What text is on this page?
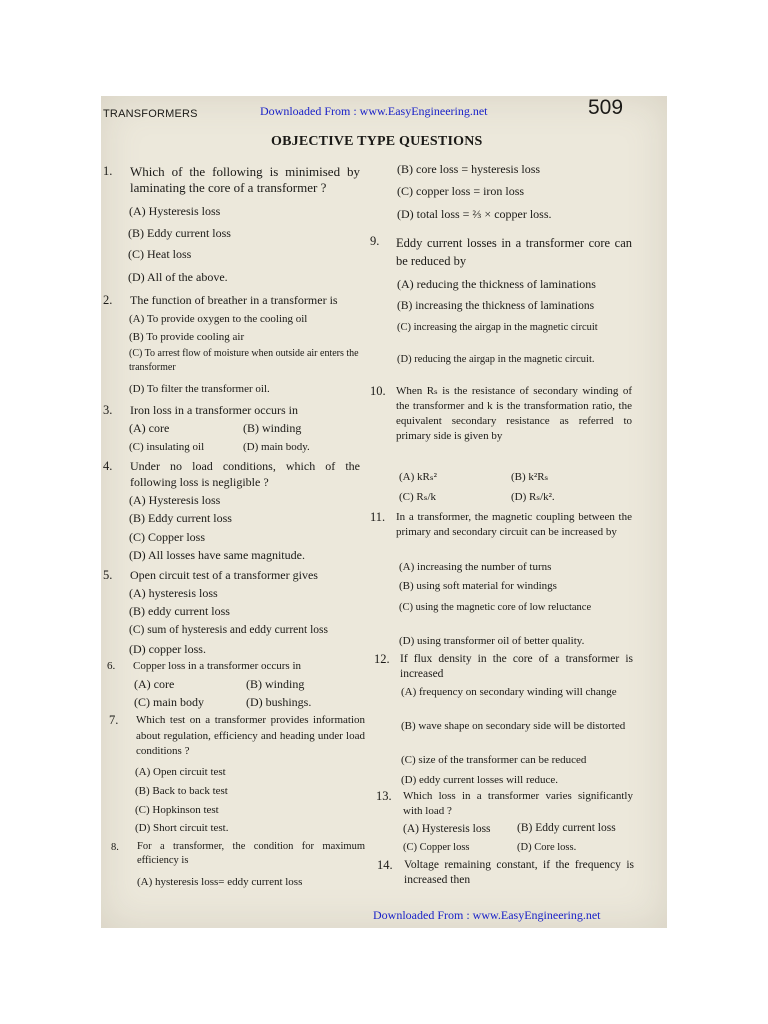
TRANSFORMERS	Downloaded From : www.EasyEngineering.net	509
OBJECTIVE TYPE QUESTIONS
1. Which of the following is minimised by laminating the core of a transformer ?
(A) Hysteresis loss
(B) Eddy current loss
(C) Heat loss
(D) All of the above.
2. The function of breather in a transformer is
(A) To provide oxygen to the cooling oil
(B) To provide cooling air
(C) To arrest flow of moisture when outside air enters the transformer
(D) To filter the transformer oil.
3. Iron loss in a transformer occurs in
(A) core	(B) winding
(C) insulating oil	(D) main body.
4. Under no load conditions, which of the following loss is negligible ?
(A) Hysteresis loss
(B) Eddy current loss
(C) Copper loss
(D) All losses have same magnitude.
5. Open circuit test of a transformer gives
(A) hysteresis loss
(B) eddy current loss
(C) sum of hysteresis and eddy current loss
(D) copper loss.
6. Copper loss in a transformer occurs in
(A) core	(B) winding
(C) main body	(D) bushings.
7. Which test on a transformer provides information about regulation, efficiency and heading under load conditions ?
(A) Open circuit test
(B) Back to back test
(C) Hopkinson test
(D) Short circuit test.
8. For a transformer, the condition for maximum efficiency is
(A) hysteresis loss= eddy current loss
(B) core loss = hysteresis loss
(C) copper loss = iron loss
(D) total loss = ⅔ × copper loss.
9. Eddy current losses in a transformer core can be reduced by
(A) reducing the thickness of laminations
(B) increasing the thickness of laminations
(C) increasing the airgap in the magnetic circuit
(D) reducing the airgap in the magnetic circuit.
10. When Rₛ is the resistance of secondary winding of the transformer and k is the transformation ratio, the equivalent secondary resistance as referred to primary side is given by
(A) kRₛ²	(B) k²Rₛ
(C) Rₛ/k	(D) Rₛ/k².
11. In a transformer, the magnetic coupling between the primary and secondary circuit can be increased by
(A) increasing the number of turns
(B) using soft material for windings
(C) using the magnetic core of low reluctance
(D) using transformer oil of better quality.
12. If flux density in the core of a transformer is increased
(A) frequency on secondary winding will change
(B) wave shape on secondary side will be distorted
(C) size of the transformer can be reduced
(D) eddy current losses will reduce.
13. Which loss in a transformer varies significantly with load ?
(A) Hysteresis loss (B) Eddy current loss
(C) Copper loss	(D) Core loss.
14. Voltage remaining constant, if the frequency is increased then
Downloaded From : www.EasyEngineering.net
